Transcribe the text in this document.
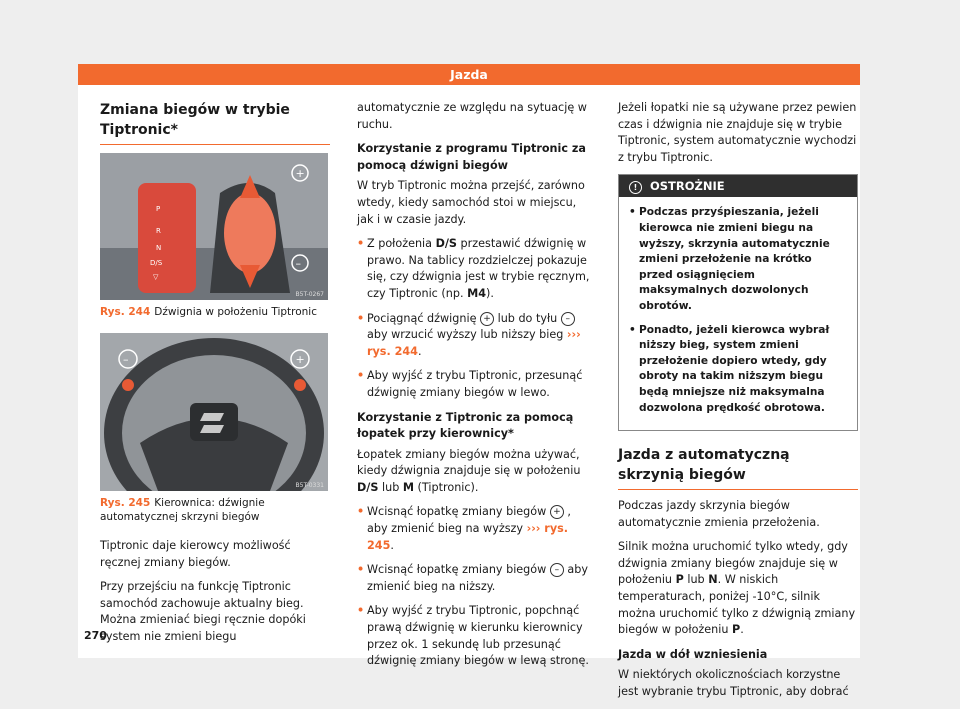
Jazda
Zmiana biegów w trybie Tiptronic*
P
R
N
D/S
▽
+
–
B5T-0267
Rys. 244 Dźwignia w położeniu Tiptronic
–	+
B5T-0331
Rys. 245 Kierownica: dźwignie automatycznej skrzyni biegów

Tiptronic daje kierowcy możliwość ręcznej zmiany biegów.

Przy przejściu na funkcję Tiptronic samochód zachowuje aktualny bieg. Można zmieniać biegi ręcznie dopóki system nie zmieni biegu

automatycznie ze względu na sytuację w ruchu.

Korzystanie z programu Tiptronic za pomocą dźwigni biegów

W tryb Tiptronic można przejść, zarówno wtedy, kiedy samochód stoi w miejscu, jak i w czasie jazdy.

• Z położenia D/S przestawić dźwignię w prawo. Na tablicy rozdzielczej pokazuje się, czy dźwignia jest w trybie ręcznym, czy Tiptronic (np. M4).

• Pociągnąć dźwignię + lub do tyłu – aby wrzucić wyższy lub niższy bieg ››› rys. 244.

• Aby wyjść z trybu Tiptronic, przesunąć dźwignię zmiany biegów w lewo.

Korzystanie z Tiptronic za pomocą łopatek przy kierownicy*

Łopatek zmiany biegów można używać, kiedy dźwignia znajduje się w położeniu D/S lub M (Tiptronic).

• Wcisnąć łopatkę zmiany biegów + , aby zmienić bieg na wyższy ››› rys. 245.

• Wcisnąć łopatkę zmiany biegów – aby zmienić bieg na niższy.

• Aby wyjść z trybu Tiptronic, popchnąć prawą dźwignię w kierunku kierownicy przez ok. 1 sekundę lub przesunąć dźwignię zmiany biegów w lewą stronę.

Jeżeli łopatki nie są używane przez pewien czas i dźwignia nie znajduje się w trybie Tiptronic, system automatycznie wychodzi z trybu Tiptronic.

! OSTROŻNIE

• Podczas przyśpieszania, jeżeli kierowca nie zmieni biegu na wyższy, skrzynia automatycznie zmieni przełożenie na krótko przed osiągnięciem maksymalnych dozwolonych obrotów.

• Ponadto, jeżeli kierowca wybrał niższy bieg, system zmieni przełożenie dopiero wtedy, gdy obroty na takim niższym biegu będą mniejsze niż maksymalna dozwolona prędkość obrotowa.

Jazda z automatyczną skrzynią biegów

Podczas jazdy skrzynia biegów automatycznie zmienia przełożenia.

Silnik można uruchomić tylko wtedy, gdy dźwignia zmiany biegów znajduje się w położeniu P lub N. W niskich temperaturach, poniżej -10°C, silnik można uruchomić tylko z dźwignią zmiany biegów w położeniu P.

Jazda w dół wzniesienia

W niektórych okolicznościach korzystne jest wybranie trybu Tiptronic, aby dobrać

270
